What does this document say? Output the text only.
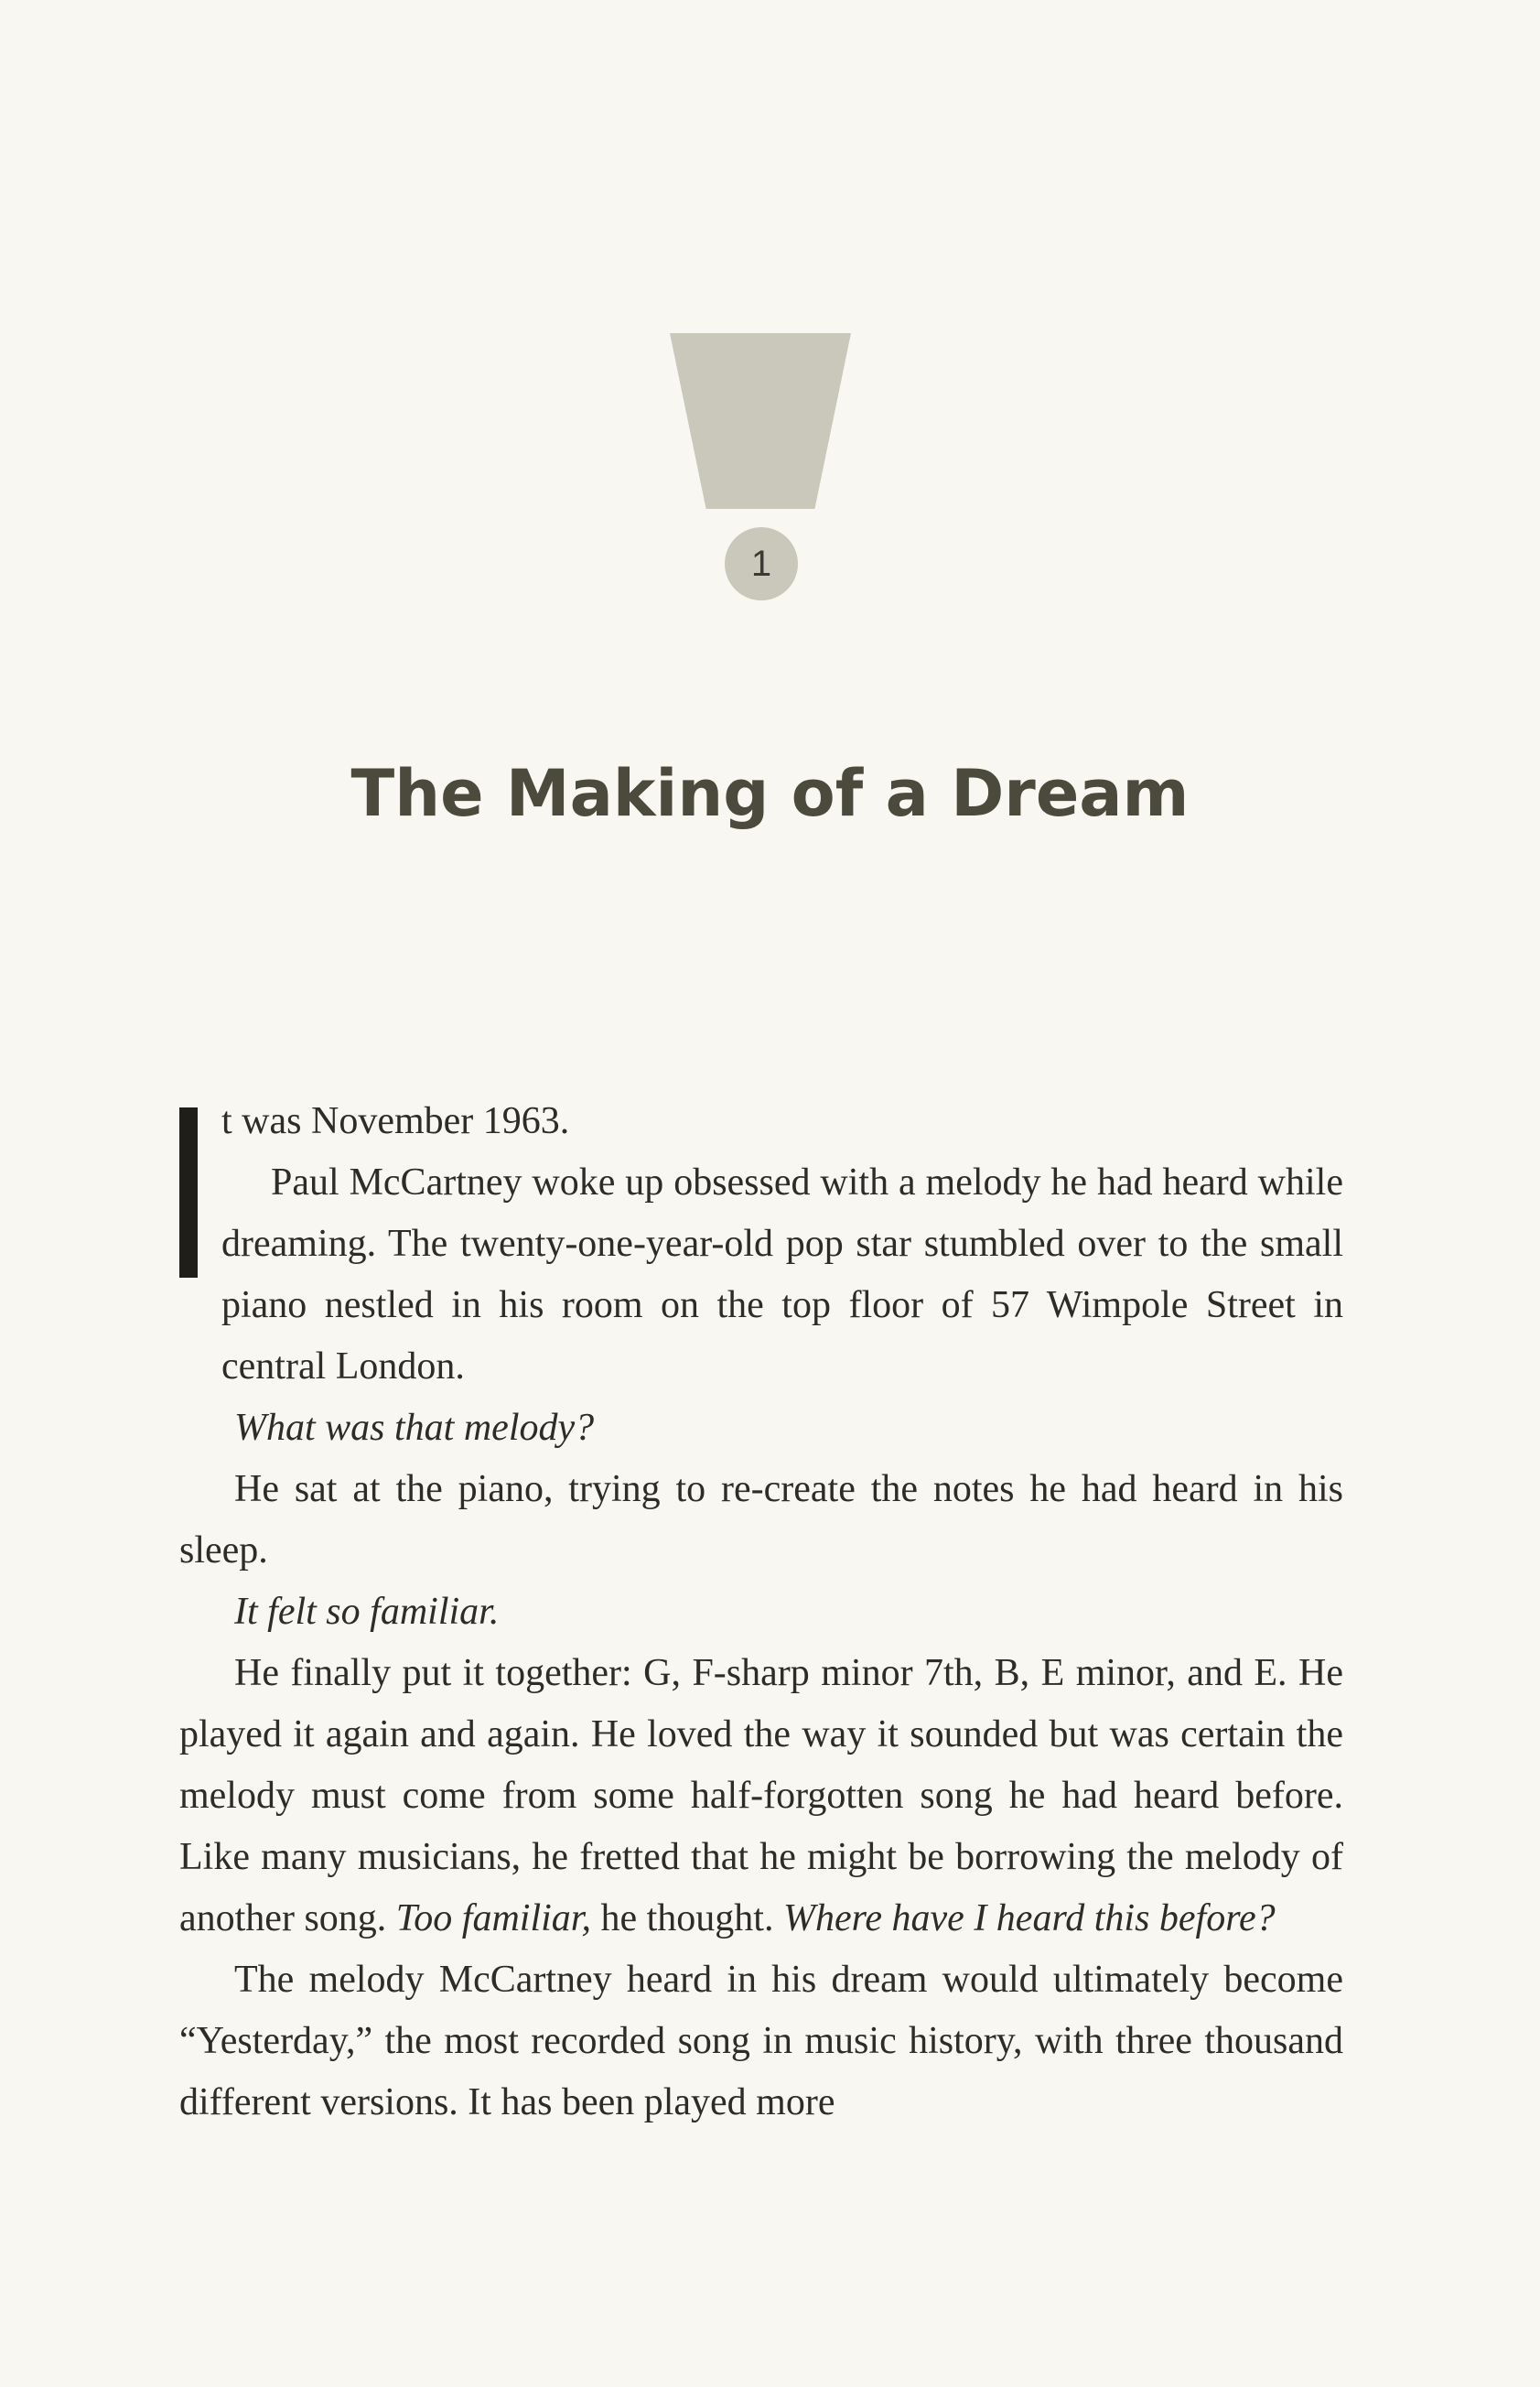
1
The Making of a Dream

t was November 1963.

Paul McCartney woke up obsessed with a melody he had heard while dreaming. The twenty-one-year-old pop star stumbled over to the small piano nestled in his room on the top floor of 57 Wimpole Street in central London.

What was that melody?

He sat at the piano, trying to re-create the notes he had heard in his sleep.

It felt so familiar.

He finally put it together: G, F-sharp minor 7th, B, E minor, and E. He played it again and again. He loved the way it sounded but was certain the melody must come from some half-forgotten song he had heard before. Like many musicians, he fretted that he might be borrowing the melody of another song. Too familiar, he thought. Where have I heard this before?

The melody McCartney heard in his dream would ultimately become “Yesterday,” the most recorded song in music history, with three thousand different versions. It has been played more
